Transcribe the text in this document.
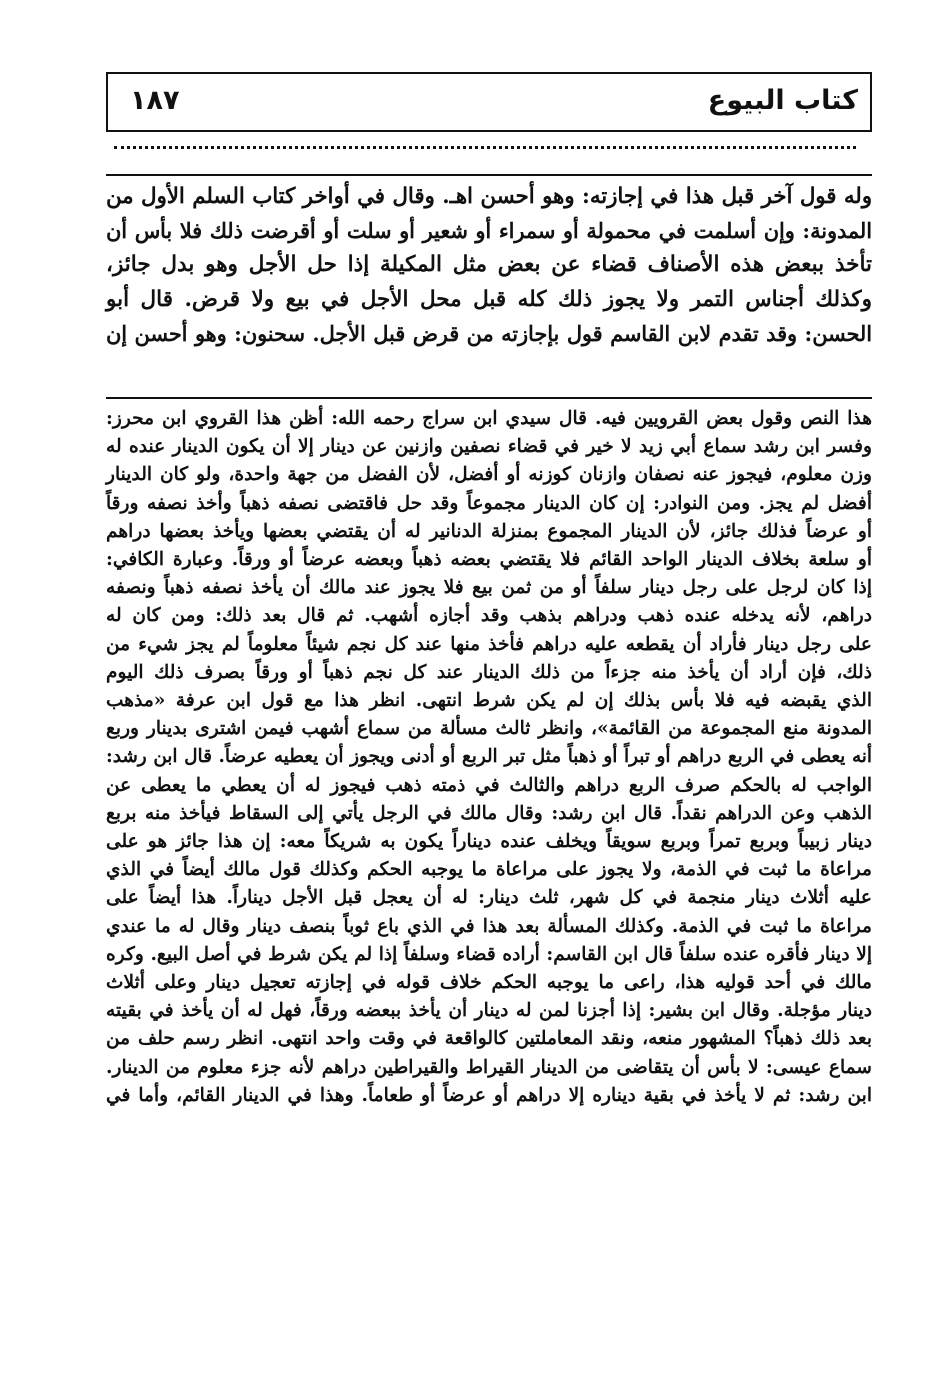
كتاب البيوع
١٨٧

وله قول آخر قبل هذا في إجازته: وهو أحسن اهـ. وقال في أواخر كتاب السلم الأول من

المدونة: وإن أسلمت في محمولة أو سمراء أو شعير أو سلت أو أقرضت ذلك فلا بأس أن

تأخذ ببعض هذه الأصناف قضاء عن بعض مثل المكيلة إذا حل الأجل وهو بدل جائز،

وكذلك أجناس التمر ولا يجوز ذلك كله قبل محل الأجل في بيع ولا قرض. قال أبو

الحسن: وقد تقدم لابن القاسم قول بإجازته من قرض قبل الأجل. سحنون: وهو أحسن إن

هذا النص وقول بعض القرويين فيه. قال سيدي ابن سراج رحمه الله: أظن هذا القروي ابن محرز:

وفسر ابن رشد سماع أبي زيد لا خير في قضاء نصفين وازنين عن دينار إلا أن يكون الدينار عنده له

وزن معلوم، فيجوز عنه نصفان وازنان كوزنه أو أفضل، لأن الفضل من جهة واحدة، ولو كان الدينار

أفضل لم يجز. ومن النوادر: إن كان الدينار مجموعاً وقد حل فاقتضى نصفه ذهباً وأخذ نصفه ورقاً

أو عرضاً فذلك جائز، لأن الدينار المجموع بمنزلة الدنانير له أن يقتضي بعضها ويأخذ بعضها دراهم

أو سلعة بخلاف الدينار الواحد القائم فلا يقتضي بعضه ذهباً وبعضه عرضاً أو ورقاً. وعبارة الكافي:

إذا كان لرجل على رجل دينار سلفاً أو من ثمن بيع فلا يجوز عند مالك أن يأخذ نصفه ذهباً ونصفه

دراهم، لأنه يدخله عنده ذهب ودراهم بذهب وقد أجازه أشهب. ثم قال بعد ذلك: ومن كان له

على رجل دينار فأراد أن يقطعه عليه دراهم فأخذ منها عند كل نجم شيئاً معلوماً لم يجز شيء من

ذلك، فإن أراد أن يأخذ منه جزءاً من ذلك الدينار عند كل نجم ذهباً أو ورقاً بصرف ذلك اليوم

الذي يقبضه فيه فلا بأس بذلك إن لم يكن شرط انتهى. انظر هذا مع قول ابن عرفة «مذهب

المدونة منع المجموعة من القائمة»، وانظر ثالث مسألة من سماع أشهب فيمن اشترى بدينار وربع

أنه يعطى في الربع دراهم أو تبراً أو ذهباً مثل تبر الربع أو أدنى ويجوز أن يعطيه عرضاً. قال ابن رشد:

الواجب له بالحكم صرف الربع دراهم والثالث في ذمته ذهب فيجوز له أن يعطي ما يعطى عن

الذهب وعن الدراهم نقداً. قال ابن رشد: وقال مالك في الرجل يأتي إلى السقاط فيأخذ منه بربع

دينار زبيباً وبربع تمراً وبربع سويقاً ويخلف عنده ديناراً يكون به شريكاً معه: إن هذا جائز هو على

مراعاة ما ثبت في الذمة، ولا يجوز على مراعاة ما يوجبه الحكم وكذلك قول مالك أيضاً في الذي

عليه أثلاث دينار منجمة في كل شهر، ثلث دينار: له أن يعجل قبل الأجل ديناراً. هذا أيضاً على

مراعاة ما ثبت في الذمة. وكذلك المسألة بعد هذا في الذي باع ثوباً بنصف دينار وقال له ما عندي

إلا دينار فأقره عنده سلفاً قال ابن القاسم: أراده قضاء وسلفاً إذا لم يكن شرط في أصل البيع. وكره

مالك في أحد قوليه هذا، راعى ما يوجبه الحكم خلاف قوله في إجازته تعجيل دينار وعلى أثلاث

دينار مؤجلة. وقال ابن بشير: إذا أجزنا لمن له دينار أن يأخذ ببعضه ورقاً، فهل له أن يأخذ في بقيته

بعد ذلك ذهباً؟ المشهور منعه، ونقد المعاملتين كالواقعة في وقت واحد انتهى. انظر رسم حلف من

سماع عيسى: لا بأس أن يتقاضى من الدينار القيراط والقيراطين دراهم لأنه جزء معلوم من الدينار.

ابن رشد: ثم لا يأخذ في بقية ديناره إلا دراهم أو عرضاً أو طعاماً. وهذا في الدينار القائم، وأما في
